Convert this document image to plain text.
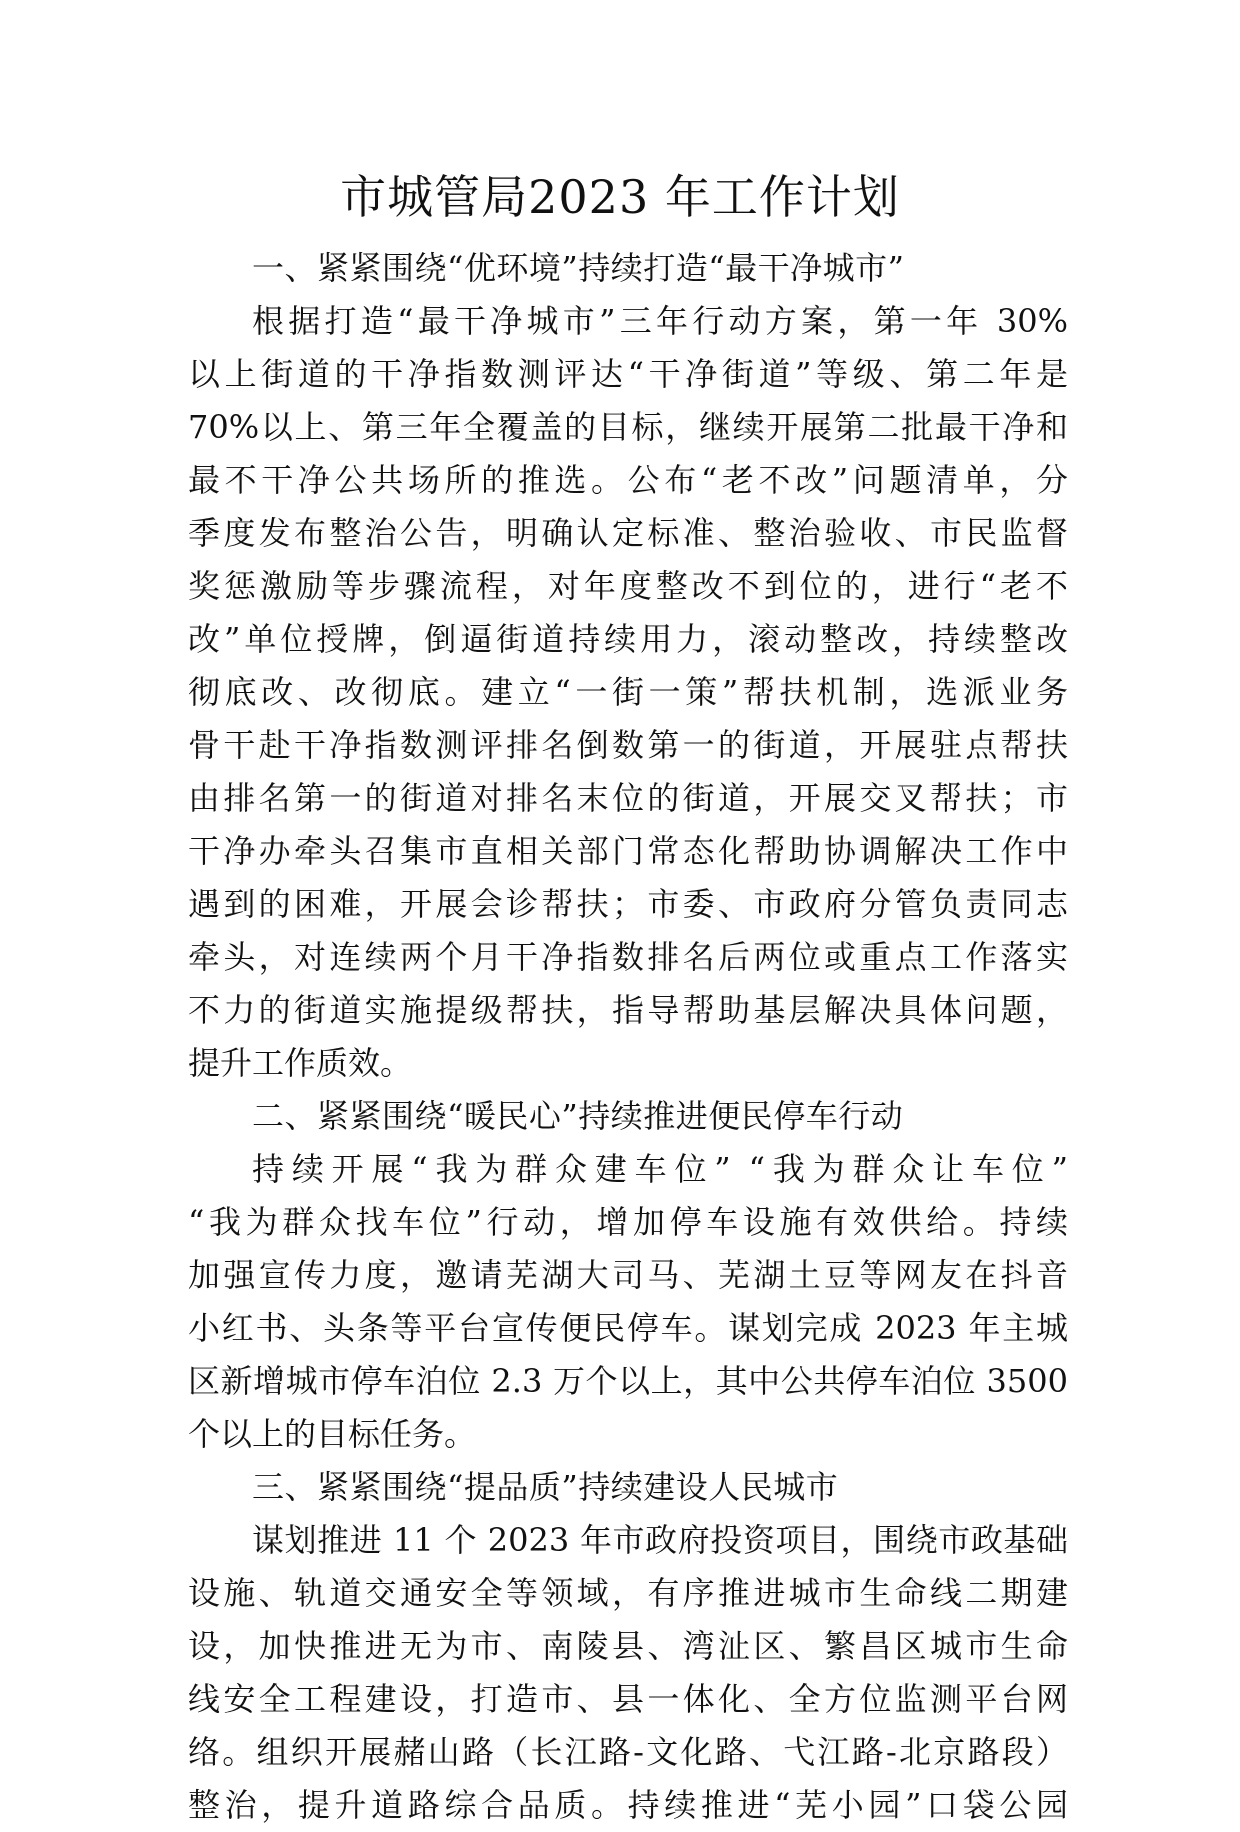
市城管局2023 年工作计划
一、紧紧围绕“优环境”持续打造“最干净城市”
根据打造“最干净城市”三年行动方案，第一年 30%
以上街道的干净指数测评达“干净街道”等级、第二年是
70%以上、第三年全覆盖的目标，继续开展第二批最干净和
最不干净公共场所的推选。公布“老不改”问题清单，分
季度发布整治公告，明确认定标准、整治验收、市民监督
奖惩激励等步骤流程，对年度整改不到位的，进行“老不
改”单位授牌，倒逼街道持续用力，滚动整改，持续整改
彻底改、改彻底。建立“一街一策”帮扶机制，选派业务
骨干赴干净指数测评排名倒数第一的街道，开展驻点帮扶
由排名第一的街道对排名末位的街道，开展交叉帮扶；市
干净办牵头召集市直相关部门常态化帮助协调解决工作中
遇到的困难，开展会诊帮扶；市委、市政府分管负责同志
牵头，对连续两个月干净指数排名后两位或重点工作落实
不力的街道实施提级帮扶，指导帮助基层解决具体问题，
提升工作质效。
二、紧紧围绕“暖民心”持续推进便民停车行动
持续开展“我为群众建车位” “我为群众让车位”
“我为群众找车位”行动，增加停车设施有效供给。持续
加强宣传力度，邀请芜湖大司马、芜湖土豆等网友在抖音
小红书、头条等平台宣传便民停车。谋划完成 2023 年主城
区新增城市停车泊位 2.3 万个以上，其中公共停车泊位 3500
个以上的目标任务。
三、紧紧围绕“提品质”持续建设人民城市
谋划推进 11 个 2023 年市政府投资项目，围绕市政基础
设施、轨道交通安全等领域，有序推进城市生命线二期建
设，加快推进无为市、南陵县、湾沚区、繁昌区城市生命
线安全工程建设，打造市、县一体化、全方位监测平台网
络。组织开展赭山路（长江路-文化路、弋江路-北京路段）
整治，提升道路综合品质。持续推进“芜小园”口袋公园
